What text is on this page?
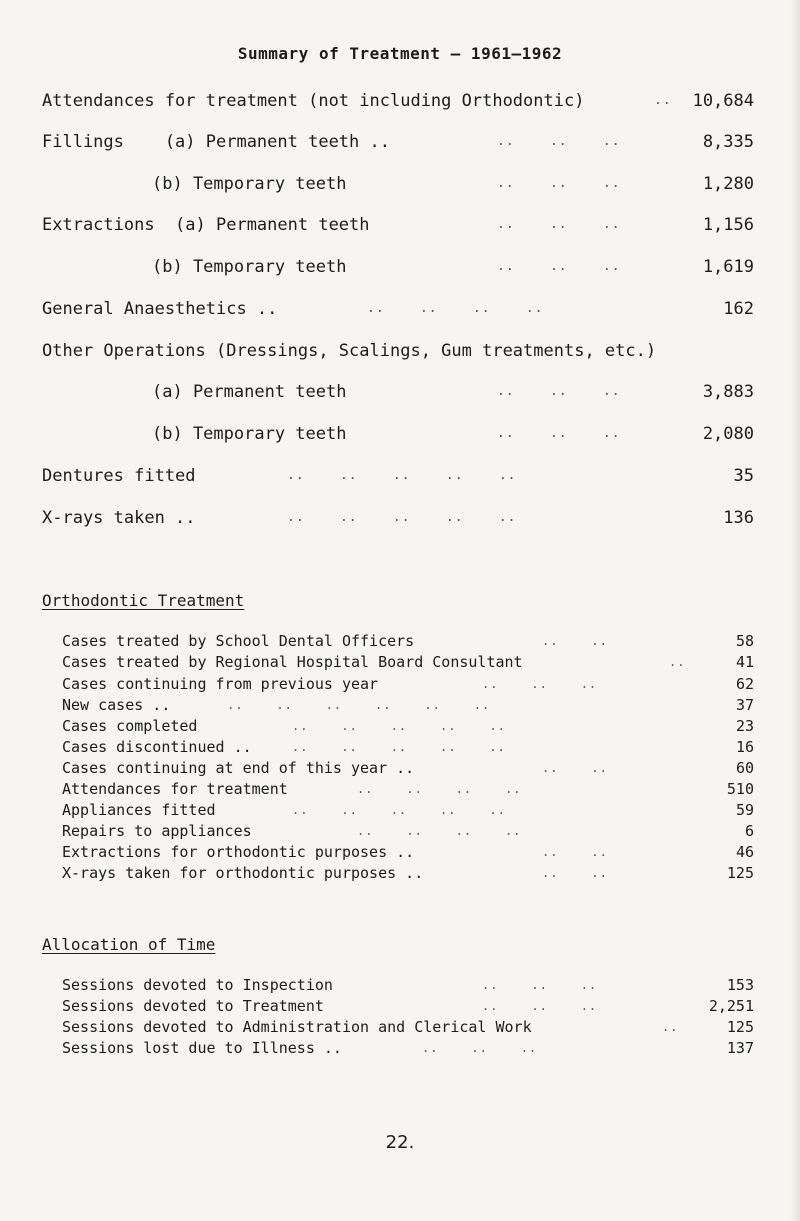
Summary of Treatment – 1961–1962
Attendances for treatment (not including Orthodontic)	.. 10,684
Fillings    (a) Permanent teeth ..	..    ..    ..	8,335
(b) Temporary teeth	..    ..    ..	1,280
Extractions  (a) Permanent teeth	..    ..    ..	1,156
(b) Temporary teeth	..    ..    ..	1,619
General Anaesthetics ..	..    ..    ..    ..	162
Other Operations (Dressings, Scalings, Gum treatments, etc.)
(a) Permanent teeth	..    ..    ..	3,883
(b) Temporary teeth	..    ..    ..	2,080
Dentures fitted	..    ..    ..    ..    ..	35
X-rays taken ..	..    ..    ..    ..    ..	136
Orthodontic Treatment
Cases treated by School Dental Officers	..    ..	58
Cases treated by Regional Hospital Board Consultant	..	41
Cases continuing from previous year	..    ..    ..	62
New cases ..	..    ..    ..    ..    ..    ..	37
Cases completed	..    ..    ..    ..    ..	23
Cases discontinued ..	..    ..    ..    ..    ..	16
Cases continuing at end of this year ..	..    ..	60
Attendances for treatment	..    ..    ..    ..	510
Appliances fitted	..    ..    ..    ..    ..	59
Repairs to appliances	..    ..    ..    ..	6
Extractions for orthodontic purposes ..	..    ..	46
X-rays taken for orthodontic purposes ..	..    ..	125
Allocation of Time
Sessions devoted to Inspection	..    ..    ..	153
Sessions devoted to Treatment	..    ..    ..	2,251
Sessions devoted to Administration and Clerical Work	..	125
Sessions lost due to Illness ..	..    ..    ..	137
22.
